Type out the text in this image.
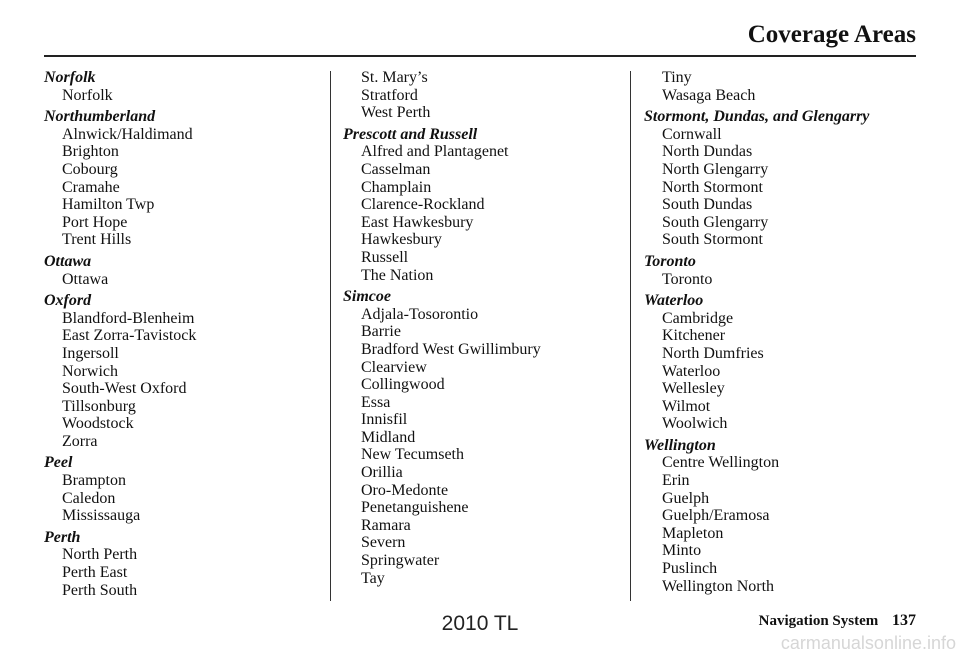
Coverage Areas
Norfolk
Norfolk
Northumberland
Alnwick/Haldimand
Brighton
Cobourg
Cramahe
Hamilton Twp
Port Hope
Trent Hills
Ottawa
Ottawa
Oxford
Blandford-Blenheim
East Zorra-Tavistock
Ingersoll
Norwich
South-West Oxford
Tillsonburg
Woodstock
Zorra
Peel
Brampton
Caledon
Mississauga
Perth
North Perth
Perth East
Perth South
St. Mary’s
Stratford
West Perth
Prescott and Russell
Alfred and Plantagenet
Casselman
Champlain
Clarence-Rockland
East Hawkesbury
Hawkesbury
Russell
The Nation
Simcoe
Adjala-Tosorontio
Barrie
Bradford West Gwillimbury
Clearview
Collingwood
Essa
Innisfil
Midland
New Tecumseth
Orillia
Oro-Medonte
Penetanguishene
Ramara
Severn
Springwater
Tay
Tiny
Wasaga Beach
Stormont, Dundas, and Glengarry
Cornwall
North Dundas
North Glengarry
North Stormont
South Dundas
South Glengarry
South Stormont
Toronto
Toronto
Waterloo
Cambridge
Kitchener
North Dumfries
Waterloo
Wellesley
Wilmot
Woolwich
Wellington
Centre Wellington
Erin
Guelph
Guelph/Eramosa
Mapleton
Minto
Puslinch
Wellington North
Navigation System 137
2010 TL
carmanualsonline.info
